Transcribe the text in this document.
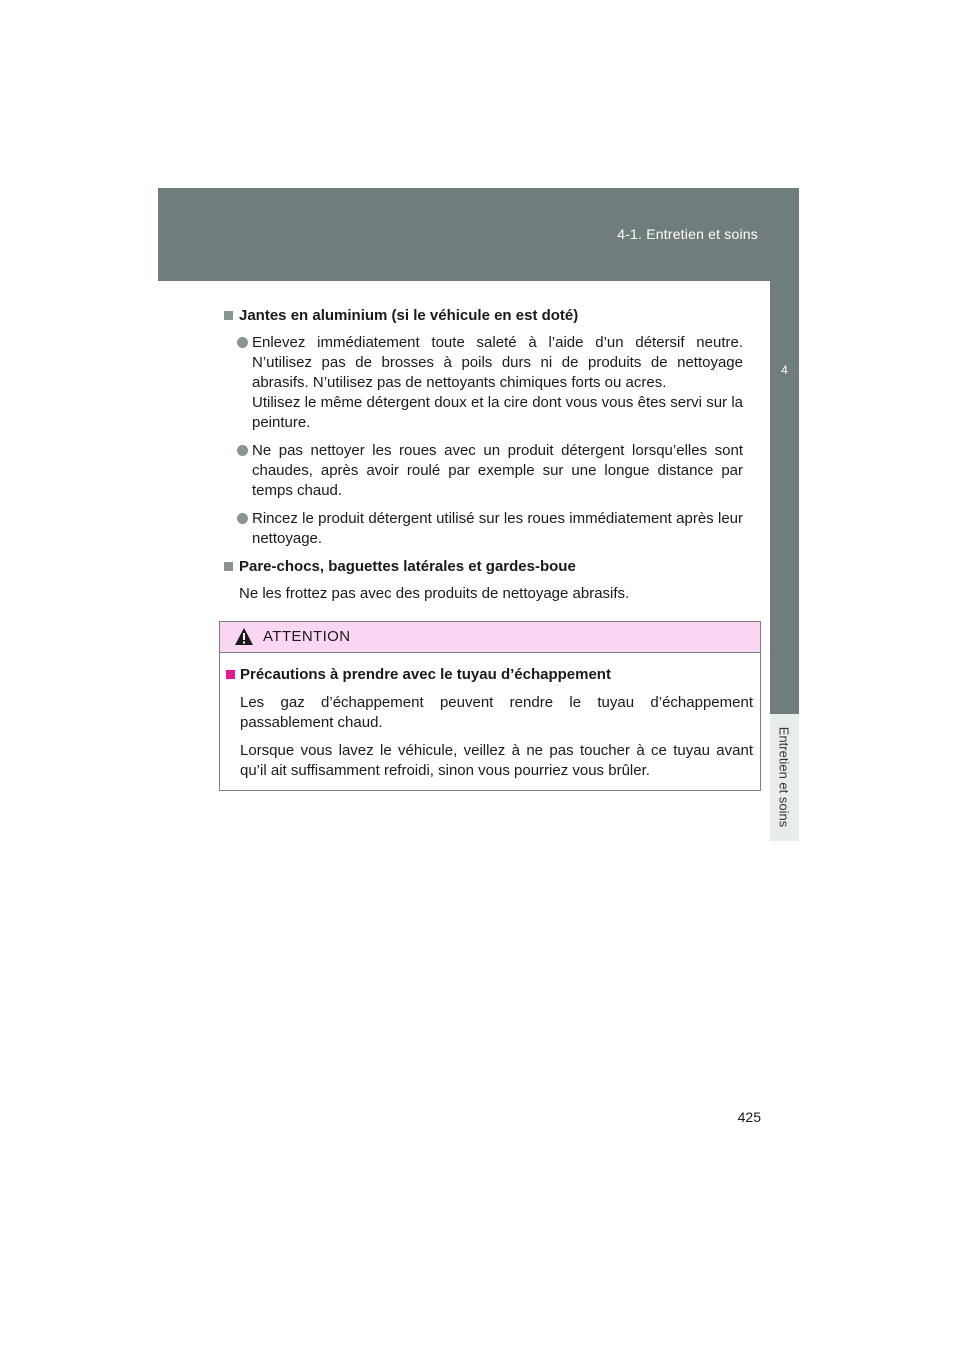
4-1. Entretien et soins
4
Entretien et soins
Jantes en aluminium (si le véhicule en est doté)
Enlevez immédiatement toute saleté à l’aide d’un détersif neutre. N’utilisez pas de brosses à poils durs ni de produits de nettoyage abrasifs. N’utilisez pas de nettoyants chimiques forts ou acres.
Utilisez le même détergent doux et la cire dont vous vous êtes servi sur la peinture.
Ne pas nettoyer les roues avec un produit détergent lorsqu’elles sont chaudes, après avoir roulé par exemple sur une longue distance par temps chaud.
Rincez le produit détergent utilisé sur les roues immédiatement après leur nettoyage.
Pare-chocs, baguettes latérales et gardes-boue
Ne les frottez pas avec des produits de nettoyage abrasifs.
ATTENTION
Précautions à prendre avec le tuyau d’échappement
Les gaz d’échappement peuvent rendre le tuyau d’échappement passablement chaud.
Lorsque vous lavez le véhicule, veillez à ne pas toucher à ce tuyau avant qu’il ait suffisamment refroidi, sinon vous pourriez vous brûler.
425
